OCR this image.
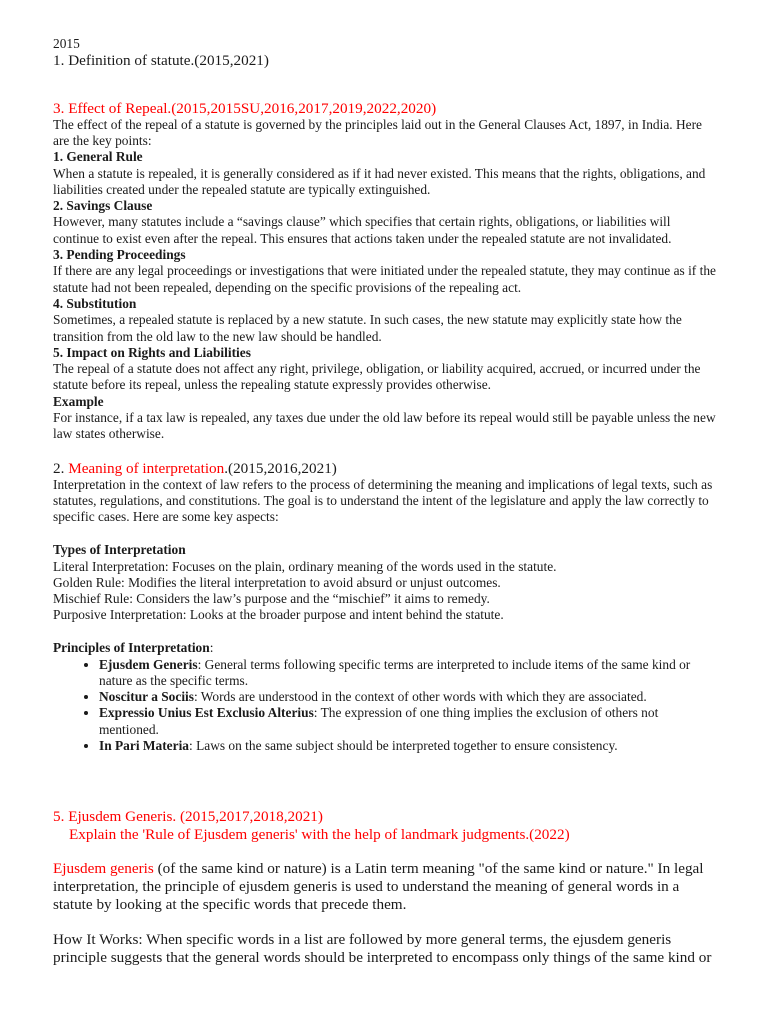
2015

1. Definition of statute.(2015,2021)

3. Effect of Repeal.(2015,2015SU,2016,2017,2019,2022,2020)

The effect of the repeal of a statute is governed by the principles laid out in the General Clauses Act, 1897, in India. Here are the key points:

1. General Rule

When a statute is repealed, it is generally considered as if it had never existed. This means that the rights, obligations, and liabilities created under the repealed statute are typically extinguished.

2. Savings Clause

However, many statutes include a “savings clause” which specifies that certain rights, obligations, or liabilities will continue to exist even after the repeal. This ensures that actions taken under the repealed statute are not invalidated.

3. Pending Proceedings

If there are any legal proceedings or investigations that were initiated under the repealed statute, they may continue as if the statute had not been repealed, depending on the specific provisions of the repealing act.

4. Substitution

Sometimes, a repealed statute is replaced by a new statute. In such cases, the new statute may explicitly state how the transition from the old law to the new law should be handled.

5. Impact on Rights and Liabilities

The repeal of a statute does not affect any right, privilege, obligation, or liability acquired, accrued, or incurred under the statute before its repeal, unless the repealing statute expressly provides otherwise.

Example

For instance, if a tax law is repealed, any taxes due under the old law before its repeal would still be payable unless the new law states otherwise.

2. Meaning of interpretation.(2015,2016,2021)

Interpretation in the context of law refers to the process of determining the meaning and implications of legal texts, such as statutes, regulations, and constitutions. The goal is to understand the intent of the legislature and apply the law correctly to specific cases. Here are some key aspects:

Types of Interpretation

Literal Interpretation: Focuses on the plain, ordinary meaning of the words used in the statute.

Golden Rule: Modifies the literal interpretation to avoid absurd or unjust outcomes.

Mischief Rule: Considers the law’s purpose and the “mischief” it aims to remedy.

Purposive Interpretation: Looks at the broader purpose and intent behind the statute.

Principles of Interpretation:

• Ejusdem Generis: General terms following specific terms are interpreted to include items of the same kind or nature as the specific terms.
• Noscitur a Sociis: Words are understood in the context of other words with which they are associated.
• Expressio Unius Est Exclusio Alterius: The expression of one thing implies the exclusion of others not mentioned.
• In Pari Materia: Laws on the same subject should be interpreted together to ensure consistency.

5. Ejusdem Generis. (2015,2017,2018,2021)

Explain the 'Rule of Ejusdem generis' with the help of landmark judgments.(2022)

Ejusdem generis (of the same kind or nature) is a Latin term meaning "of the same kind or nature." In legal interpretation, the principle of ejusdem generis is used to understand the meaning of general words in a statute by looking at the specific words that precede them.

How It Works: When specific words in a list are followed by more general terms, the ejusdem generis principle suggests that the general words should be interpreted to encompass only things of the same kind or
